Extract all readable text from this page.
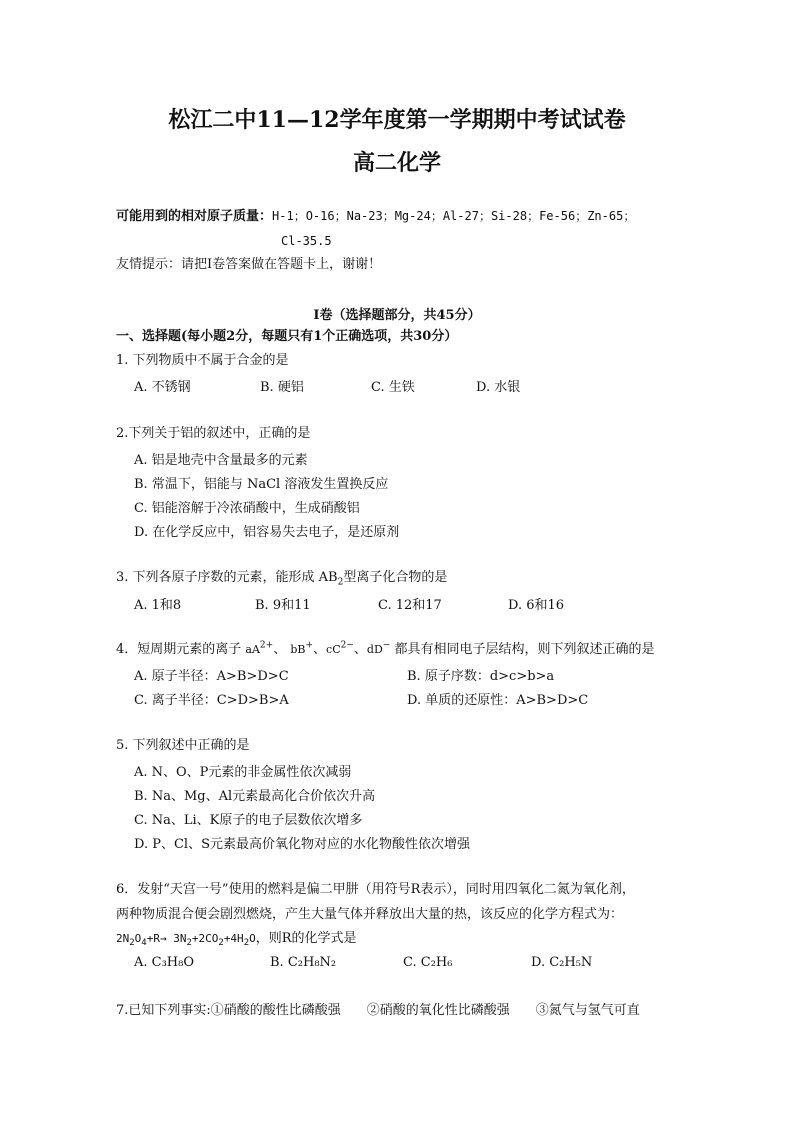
松江二中11—12学年度第一学期期中考试试卷
高二化学
可能用到的相对原子质量：H-1；O-16；Na-23；Mg-24；Al-27；Si-28；Fe-56；Zn-65；
Cl-35.5
友情提示：请把Ⅰ卷答案做在答题卡上，谢谢！
Ⅰ卷（选择题部分，共45分）
一、选择题(每小题2分，每题只有1个正确选项，共30分）
1. 下列物质中不属于合金的是
A. 不锈钢	B. 硬铝	C. 生铁	D. 水银
2.下列关于铝的叙述中，正确的是
A. 铝是地壳中含量最多的元素
B. 常温下，铝能与 NaCl 溶液发生置换反应
C. 铝能溶解于冷浓硝酸中，生成硝酸铝
D. 在化学反应中，铝容易失去电子，是还原剂
3. 下列各原子序数的元素，能形成 $AB_2$型离子化合物的是
A. 1和8	B. 9和11	C. 12和17	D. 6和16
4．短周期元素的离子 $aA^{2+}$、 bB+、$cC^{2-}$、dD− 都具有相同电子层结构，则下列叙述正确的是
A. 原子半径：A>B>D>C	B. 原子序数：d>c>b>a
C. 离子半径：C>D>B>A	D. 单质的还原性：A>B>D>C
5. 下列叙述中正确的是
A. N、O、P元素的非金属性依次减弱
B. Na、Mg、Al元素最高化合价依次升高
C. Na、Li、K原子的电子层数依次增多
D. P、Cl、S元素最高价氧化物对应的水化物酸性依次增强
6．发射“天宫一号”使用的燃料是偏二甲肼（用符号R表示），同时用四氧化二氮为氧化剂，
两种物质混合便会剧烈燃烧，产生大量气体并释放出大量的热，该反应的化学方程式为：
$2N_2O_4+R\to 3N_2+2CO_2+4H_2O$，则R的化学式是
A. C₃H₈O	B. C₂H₈N₂	C. C₂H₆	D. C₂H₅N
7.已知下列事实:①硝酸的酸性比磷酸强　　②硝酸的氧化性比磷酸强　　③氮气与氢气可直
